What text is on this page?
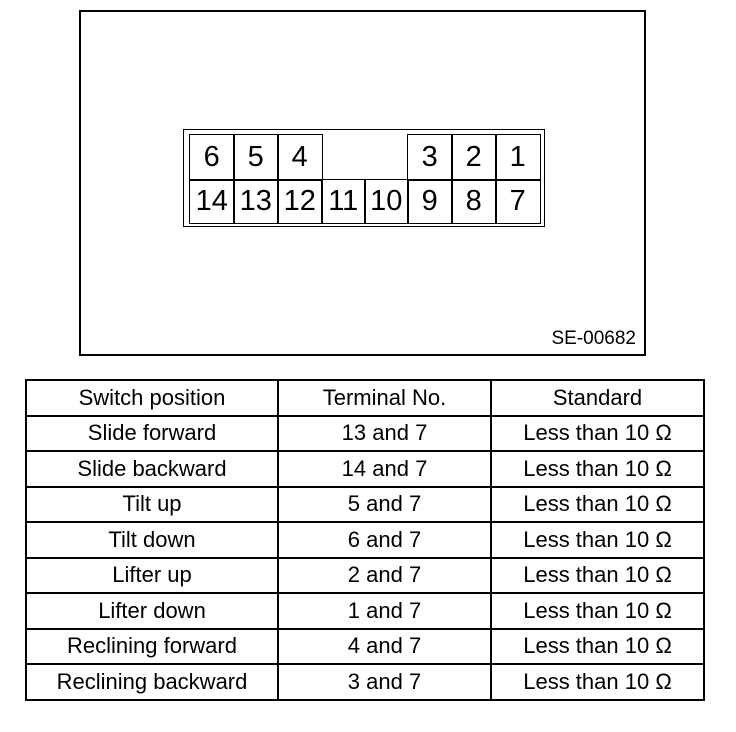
6 5 4	3 2 1
14 13 12 11 10 9 8 7
SE-00682
Switch position	Terminal No.	Standard
Slide forward	13 and 7	Less than 10 Ω
Slide backward	14 and 7	Less than 10 Ω
Tilt up	5 and 7	Less than 10 Ω
Tilt down	6 and 7	Less than 10 Ω
Lifter up	2 and 7	Less than 10 Ω
Lifter down	1 and 7	Less than 10 Ω
Reclining forward	4 and 7	Less than 10 Ω
Reclining backward	3 and 7	Less than 10 Ω
